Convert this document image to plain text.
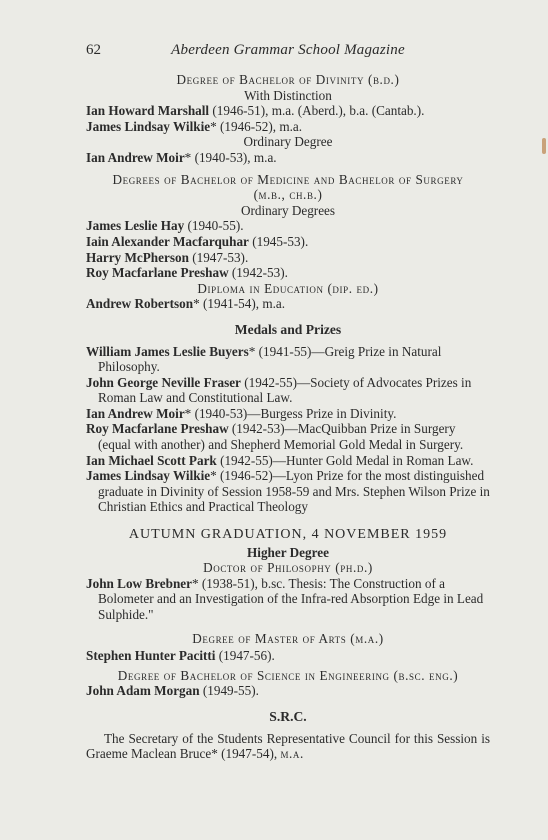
62	Aberdeen Grammar School Magazine
Degree of Bachelor of Divinity (b.d.)
With Distinction
Ian Howard Marshall (1946-51), m.a. (Aberd.), b.a. (Cantab.).
James Lindsay Wilkie* (1946-52), m.a.
Ordinary Degree
Ian Andrew Moir* (1940-53), m.a.
Degrees of Bachelor of Medicine and Bachelor of Surgery
(m.b., ch.b.)
Ordinary Degrees
James Leslie Hay (1940-55).
Iain Alexander Macfarquhar (1945-53).
Harry McPherson (1947-53).
Roy Macfarlane Preshaw (1942-53).
Diploma in Education (dip. ed.)
Andrew Robertson* (1941-54), m.a.
Medals and Prizes
William James Leslie Buyers* (1941-55)—Greig Prize in Natural Philosophy.
John George Neville Fraser (1942-55)—Society of Advocates Prizes in Roman Law and Constitutional Law.
Ian Andrew Moir* (1940-53)—Burgess Prize in Divinity.
Roy Macfarlane Preshaw (1942-53)—MacQuibban Prize in Surgery (equal with another) and Shepherd Memorial Gold Medal in Surgery.
Ian Michael Scott Park (1942-55)—Hunter Gold Medal in Roman Law.
James Lindsay Wilkie* (1946-52)—Lyon Prize for the most distinguished graduate in Divinity of Session 1958-59 and Mrs. Stephen Wilson Prize in Christian Ethics and Practical Theology
AUTUMN GRADUATION, 4 NOVEMBER 1959
Higher Degree
Doctor of Philosophy (ph.d.)
John Low Brebner* (1938-51), b.sc. Thesis: The Construction of a Bolometer and an Investigation of the Infra-red Absorption Edge in Lead Sulphide."
Degree of Master of Arts (m.a.)
Stephen Hunter Pacitti (1947-56).
Degree of Bachelor of Science in Engineering (b.sc. eng.)
John Adam Morgan (1949-55).
S.R.C.
The Secretary of the Students Representative Council for this Session is Graeme Maclean Bruce* (1947-54), m.a.
